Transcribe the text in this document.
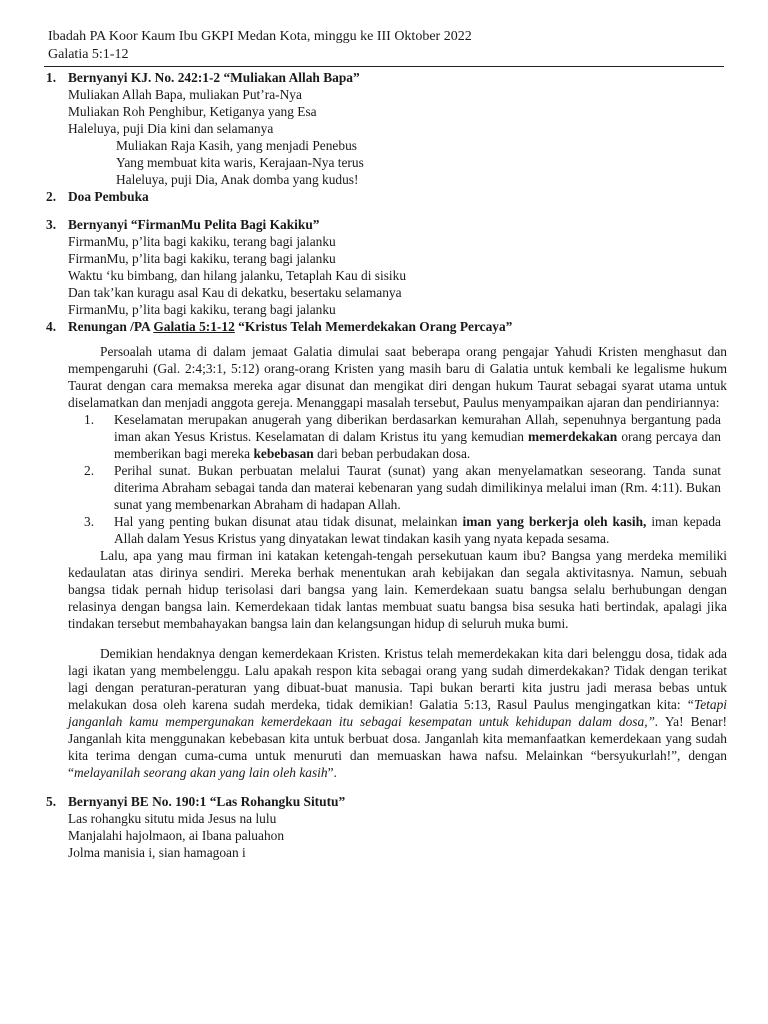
Ibadah PA Koor Kaum Ibu GKPI Medan Kota, minggu ke III Oktober 2022
Galatia 5:1-12
1. Bernyanyi KJ. No. 242:1-2 “Muliakan Allah Bapa”
Muliakan Allah Bapa, muliakan Put’ra-Nya
Muliakan Roh Penghibur, Ketiganya yang Esa
Haleluya, puji Dia kini dan selamanya
Muliakan Raja Kasih, yang menjadi Penebus
Yang membuat kita waris, Kerajaan-Nya terus
Haleluya, puji Dia, Anak domba yang kudus!
2. Doa Pembuka
3. Bernyanyi “FirmanMu Pelita Bagi Kakiku”
FirmanMu, p’lita bagi kakiku, terang bagi jalanku
FirmanMu, p’lita bagi kakiku, terang bagi jalanku
Waktu ‘ku bimbang, dan hilang jalanku, Tetaplah Kau di sisiku
Dan tak’kan kuragu asal Kau di dekatku, besertaku selamanya
FirmanMu, p’lita bagi kakiku, terang bagi jalanku
4. Renungan /PA Galatia 5:1-12 “Kristus Telah Memerdekakan Orang Percaya”
Persoalah utama di dalam jemaat Galatia dimulai saat beberapa orang pengajar Yahudi Kristen menghasut dan mempengaruhi (Gal. 2:4;3:1, 5:12) orang-orang Kristen yang masih baru di Galatia untuk kembali ke legalisme hukum Taurat dengan cara memaksa mereka agar disunat dan mengikat diri dengan hukum Taurat sebagai syarat utama untuk diselamatkan dan menjadi anggota gereja. Menanggapi masalah tersebut, Paulus menyampaikan ajaran dan pendiriannya:
1. Keselamatan merupakan anugerah yang diberikan berdasarkan kemurahan Allah, sepenuhnya bergantung pada iman akan Yesus Kristus. Keselamatan di dalam Kristus itu yang kemudian memerdekakan orang percaya dan memberikan bagi mereka kebebasan dari beban perbudakan dosa.
2. Perihal sunat. Bukan perbuatan melalui Taurat (sunat) yang akan menyelamatkan seseorang. Tanda sunat diterima Abraham sebagai tanda dan materai kebenaran yang sudah dimilikinya melalui iman (Rm. 4:11). Bukan sunat yang membenarkan Abraham di hadapan Allah.
3. Hal yang penting bukan disunat atau tidak disunat, melainkan iman yang berkerja oleh kasih, iman kepada Allah dalam Yesus Kristus yang dinyatakan lewat tindakan kasih yang nyata kepada sesama.
Lalu, apa yang mau firman ini katakan ketengah-tengah persekutuan kaum ibu? Bangsa yang merdeka memiliki kedaulatan atas dirinya sendiri. Mereka berhak menentukan arah kebijakan dan segala aktivitasnya. Namun, sebuah bangsa tidak pernah hidup terisolasi dari bangsa yang lain. Kemerdekaan suatu bangsa selalu berhubungan dengan relasinya dengan bangsa lain. Kemerdekaan tidak lantas membuat suatu bangsa bisa sesuka hati bertindak, apalagi jika tindakan tersebut membahayakan bangsa lain dan kelangsungan hidup di seluruh muka bumi.
Demikian hendaknya dengan kemerdekaan Kristen. Kristus telah memerdekakan kita dari belenggu dosa, tidak ada lagi ikatan yang membelenggu. Lalu apakah respon kita sebagai orang yang sudah dimerdekakan? Tidak dengan terikat lagi dengan peraturan-peraturan yang dibuat-buat manusia. Tapi bukan berarti kita justru jadi merasa bebas untuk melakukan dosa oleh karena sudah merdeka, tidak demikian! Galatia 5:13, Rasul Paulus mengingatkan kita: “Tetapi janganlah kamu mempergunakan kemerdekaan itu sebagai kesempatan untuk kehidupan dalam dosa,”. Ya! Benar! Janganlah kita menggunakan kebebasan kita untuk berbuat dosa. Janganlah kita memanfaatkan kemerdekaan yang sudah kita terima dengan cuma-cuma untuk menuruti dan memuaskan hawa nafsu. Melainkan “bersyukurlah!”, dengan “melayanilah seorang akan yang lain oleh kasih”.
5. Bernyanyi BE No. 190:1 “Las Rohangku Situtu”
Las rohangku situtu mida Jesus na lulu
Manjalahi hajolmaon, ai Ibana paluahon
Jolma manisia i, sian hamagoan i
